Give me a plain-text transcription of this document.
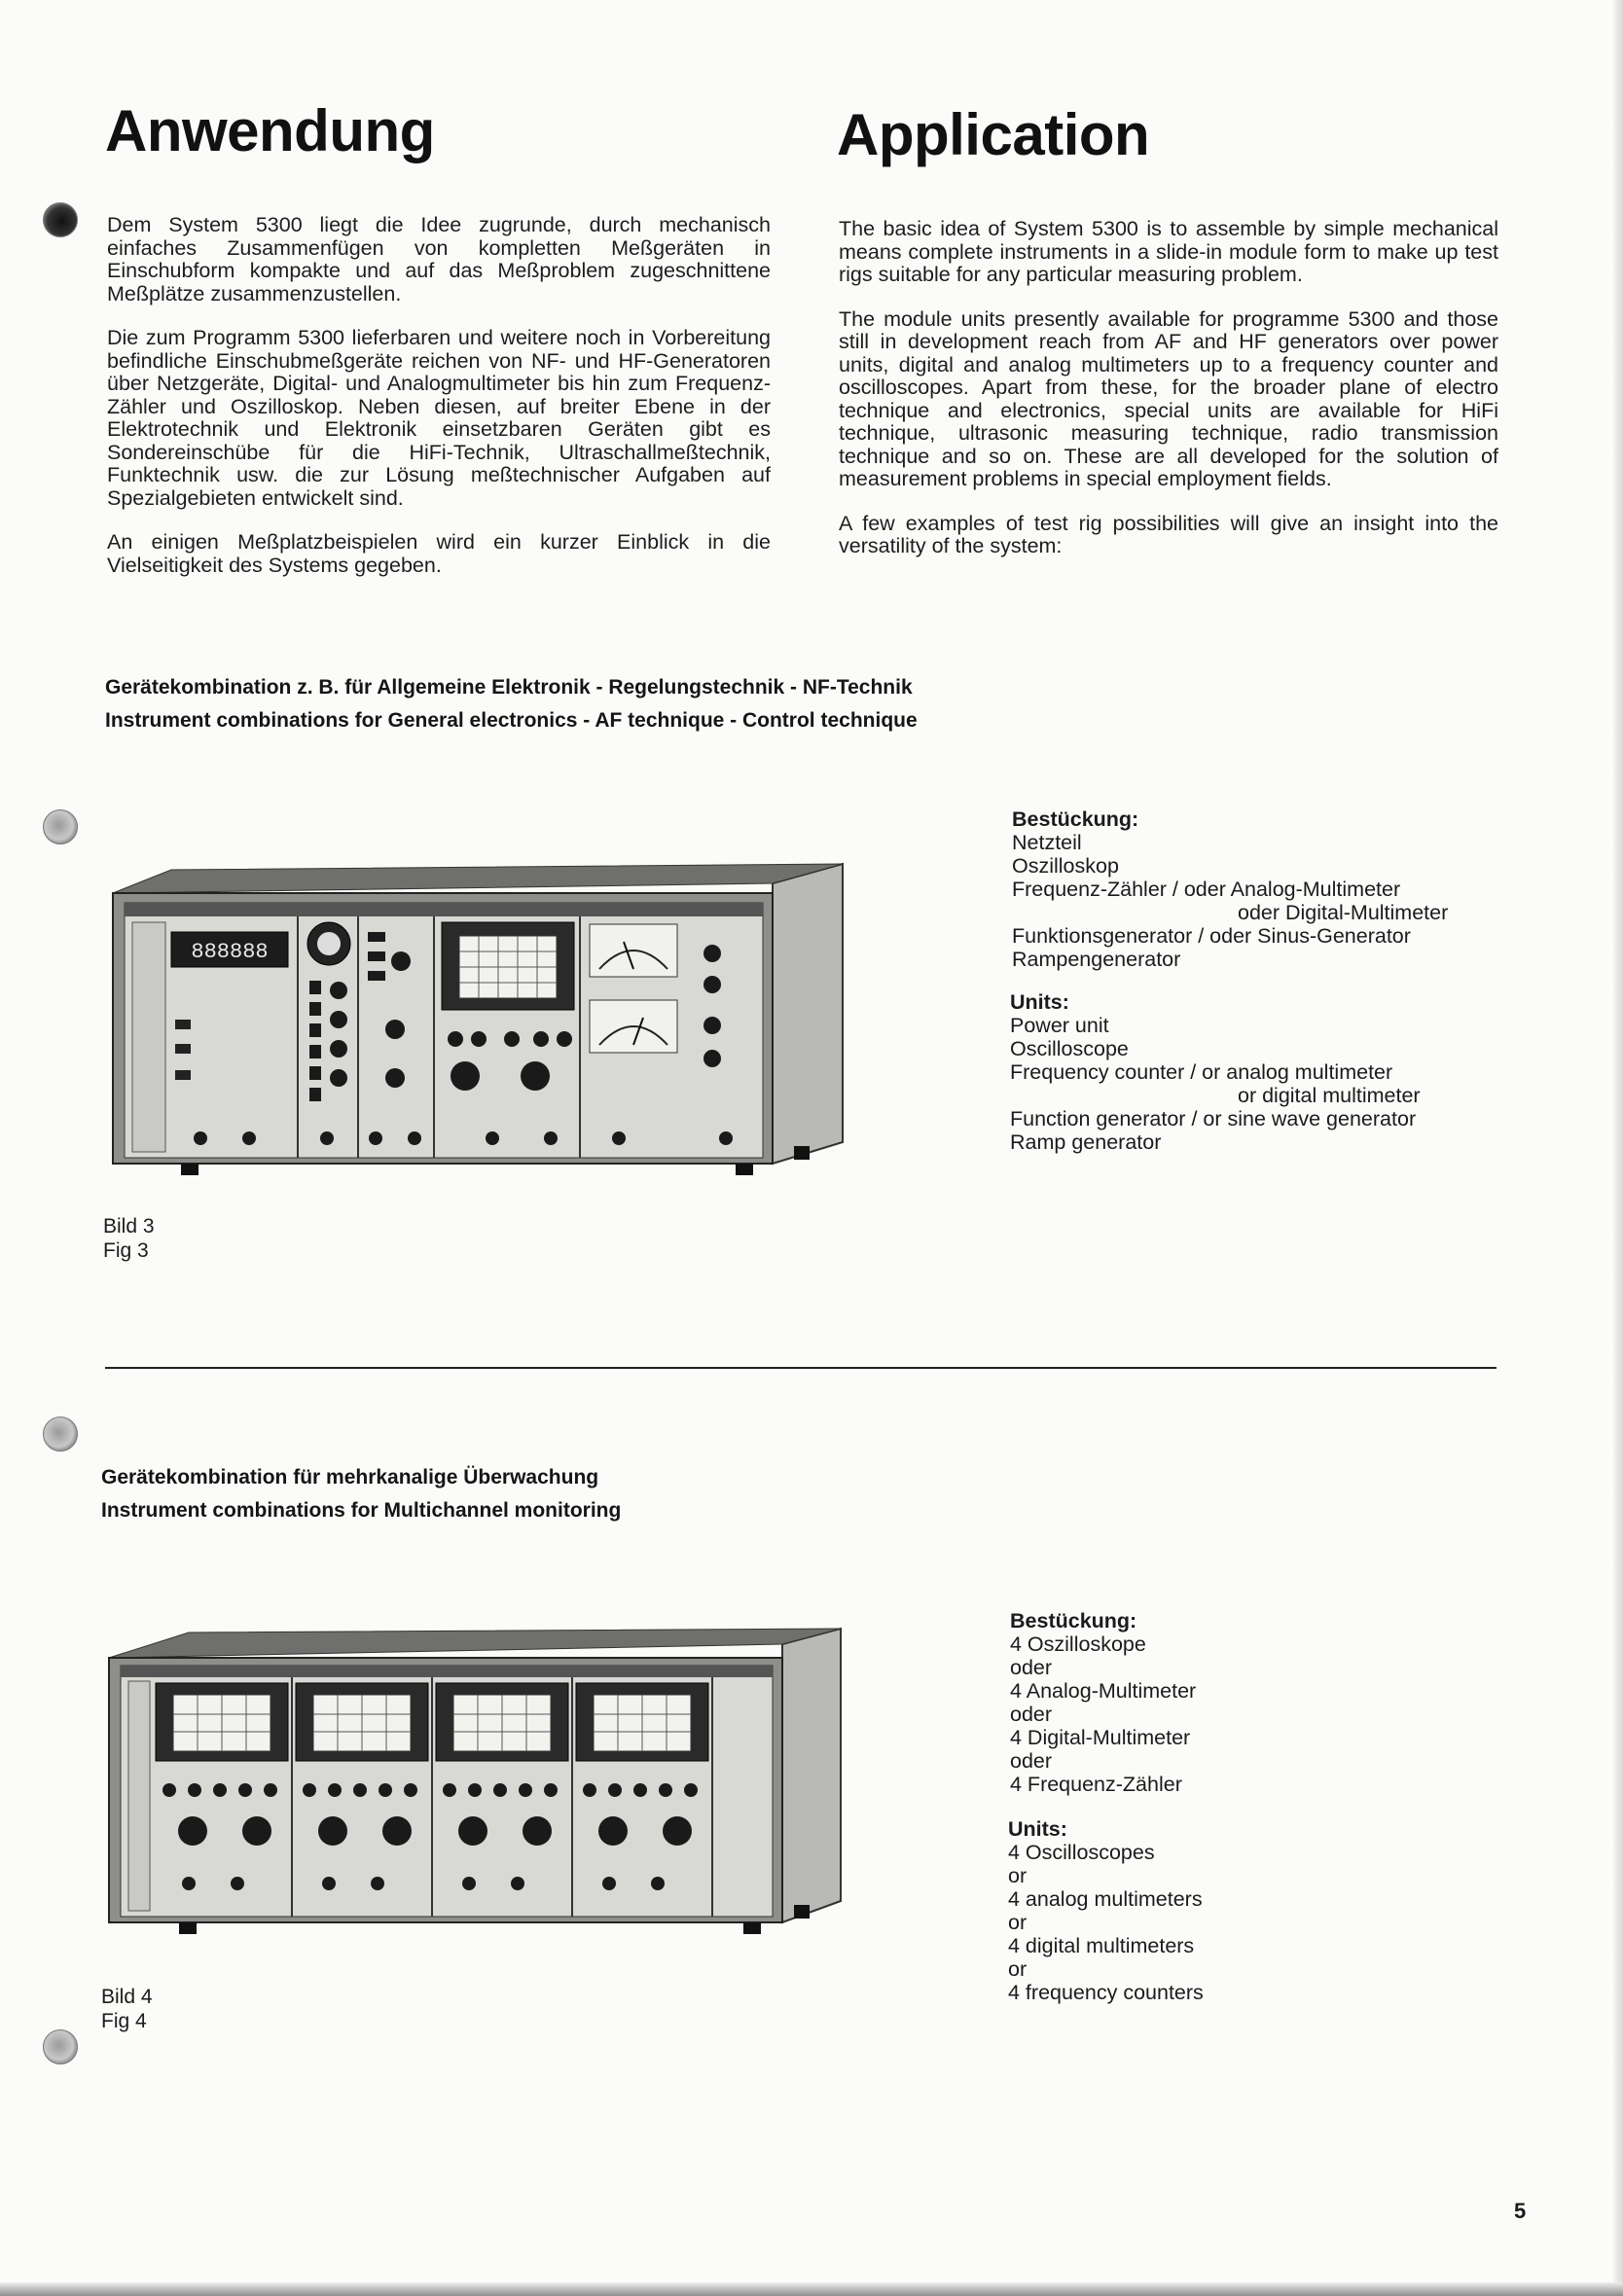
Anwendung	Application

Dem System 5300 liegt die Idee zugrunde, durch mechanisch einfaches Zusammenfügen von kompletten Meßgeräten in Einschubform kompakte und auf das Meßproblem zugeschnittene Meßplätze zusammenzustellen.

Die zum Programm 5300 lieferbaren und weitere noch in Vorbereitung befindliche Einschubmeßgeräte reichen von NF- und HF-Generatoren über Netzgeräte, Digital- und Analogmultimeter bis hin zum Frequenz-Zähler und Oszilloskop. Neben diesen, auf breiter Ebene in der Elektrotechnik und Elektronik einsetzbaren Geräten gibt es Sondereinschübe für die HiFi-Technik, Ultraschallmeßtechnik, Funktechnik usw. die zur Lösung meßtechnischer Aufgaben auf Spezialgebieten entwickelt sind.

An einigen Meßplatzbeispielen wird ein kurzer Einblick in die Vielseitigkeit des Systems gegeben.

The basic idea of System 5300 is to assemble by simple mechanical means complete instruments in a slide-in module form to make up test rigs suitable for any particular measuring problem.

The module units presently available for programme 5300 and those still in development reach from AF and HF generators over power units, digital and analog multimeters up to a frequency counter and oscilloscopes. Apart from these, for the broader plane of electro technique and electronics, special units are available for HiFi technique, ultrasonic measuring technique, radio transmission technique and so on. These are all developed for the solution of measurement problems in special employment fields.

A few examples of test rig possibilities will give an insight into the versatility of the system:

Gerätekombination z. B. für Allgemeine Elektronik - Regelungstechnik - NF-Technik
Instrument combinations for General electronics - AF technique - Control technique
888888
Bestückung:
Netzteil
Oszilloskop
Frequenz-Zähler / oder Analog-Multimeter
oder Digital-Multimeter
Funktionsgenerator / oder Sinus-Generator
Rampengenerator
Units:
Power unit
Oscilloscope
Frequency counter / or analog multimeter
or digital multimeter
Function generator / or sine wave generator
Ramp generator
Bild 3
Fig 3
Gerätekombination für mehrkanalige Überwachung
Instrument combinations for Multichannel monitoring
Bestückung:
4 Oszilloskope
oder
4 Analog-Multimeter
oder
4 Digital-Multimeter
oder
4 Frequenz-Zähler
Units:
4 Oscilloscopes
or
4 analog multimeters
or
4 digital multimeters
or
4 frequency counters
Bild 4
Fig 4
5
